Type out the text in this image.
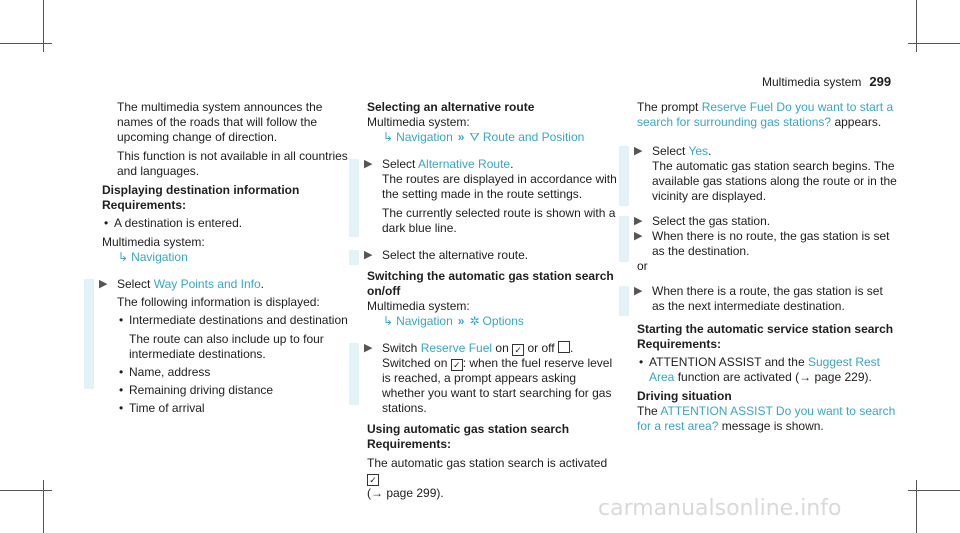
Multimedia system 299

The multimedia system announces the names of the roads that will follow the upcoming change of direction.

This function is not available in all countries and languages.

Displaying destination information

Requirements:

• A destination is entered.

Multimedia system:

↳ Navigation

▶ Select Way Points and Info.

The following information is displayed:

• Intermediate destinations and destination

The route can also include up to four intermediate destinations.

• Name, address

• Remaining driving distance

• Time of arrival

Selecting an alternative route

Multimedia system:

↳ Navigation » ⛛ Route and Position

▶ Select Alternative Route.

The routes are displayed in accordance with the setting made in the route settings.

The currently selected route is shown with a dark blue line.

▶ Select the alternative route.

Switching the automatic gas station search on/off

Multimedia system:

↳ Navigation » ✲ Options

▶ Switch Reserve Fuel on ✓ or off .

Switched on ✓ : when the fuel reserve level is reached, a prompt appears asking whether you want to start searching for gas stations.

Using automatic gas station search

Requirements:

The automatic gas station search is activated ✓

(→ page 299).

The prompt Reserve Fuel Do you want to start a search for surrounding gas stations? appears.

▶ Select Yes.

The automatic gas station search begins. The available gas stations along the route or in the vicinity are displayed.

▶ Select the gas station.

▶ When there is no route, the gas station is set as the destination.

or

▶ When there is a route, the gas station is set as the next intermediate destination.

Starting the automatic service station search

Requirements:

• ATTENTION ASSIST and the Suggest Rest Area function are activated (→ page 229).

Driving situation

The ATTENTION ASSIST Do you want to search for a rest area? message is shown.

carmanualsonline.info
